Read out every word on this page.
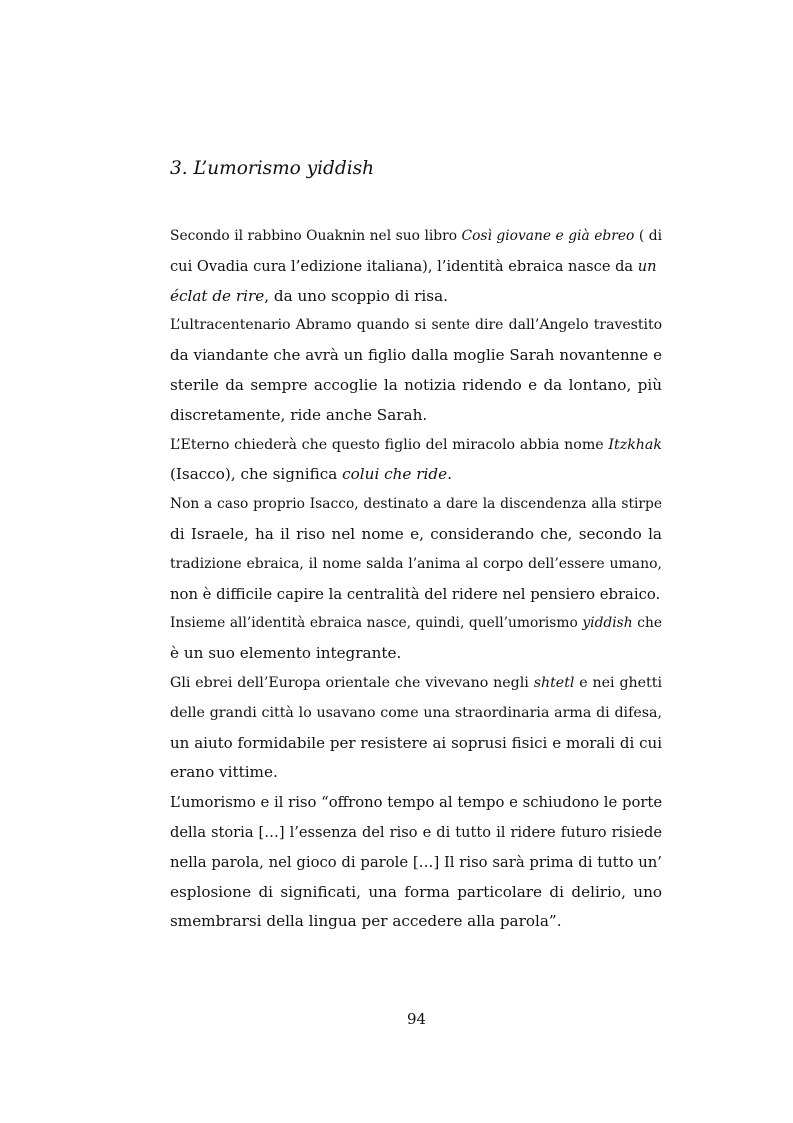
3. L’umorismo yiddish
Secondo il rabbino Ouaknin nel suo libro Così giovane e già ebreo ( di
cui Ovadia cura l’edizione italiana), l’identità ebraica nasce da un
éclat de rire, da uno scoppio di risa.
L’ultracentenario Abramo quando si sente dire dall’Angelo travestito
da viandante che avrà un figlio dalla moglie Sarah novantenne e
sterile da sempre accoglie la notizia ridendo e da lontano, più
discretamente, ride anche Sarah.
L’Eterno chiederà che questo figlio del miracolo abbia nome Itzkhak
(Isacco), che significa colui che ride.
Non a caso proprio Isacco, destinato a dare la discendenza alla stirpe
di Israele, ha il riso nel nome e, considerando che, secondo la
tradizione ebraica, il nome salda l’anima al corpo dell’essere umano,
non è difficile capire la centralità del ridere nel pensiero ebraico.
Insieme all’identità ebraica nasce, quindi, quell’umorismo yiddish che
è un suo elemento integrante.
Gli ebrei dell’Europa orientale che vivevano negli shtetl e nei ghetti
delle grandi città lo usavano come una straordinaria arma di difesa,
un aiuto formidabile per resistere ai soprusi fisici e morali di cui
erano vittime.
L’umorismo e il riso “offrono tempo al tempo e schiudono le porte
della storia […] l’essenza del riso e di tutto il ridere futuro risiede
nella parola, nel gioco di parole […] Il riso sarà prima di tutto un’
esplosione di significati, una forma particolare di delirio, uno
smembrarsi della lingua per accedere alla parola”.
94
